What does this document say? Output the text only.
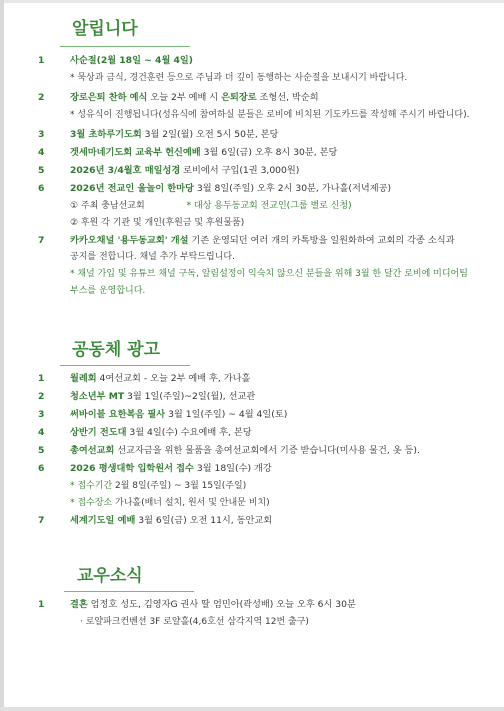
알립니다
1	사순절(2월 18일 ~ 4월 4일)
* 묵상과 금식, 경건훈련 등으로 주님과 더 깊이 동행하는 사순절을 보내시기 바랍니다.
2	장로은퇴 찬하 예식 오늘 2부 예배 시 은퇴장로 조형선, 박순희
* 성유식이 진행됩니다(성유식에 참여하실 분들은 로비에 비치된 기도카드를 작성해 주시기 바랍니다).
3	3월 초하루기도회 3월 2일(월) 오전 5시 50분, 본당
4	겟세마네기도회 교육부 헌신예배 3월 6일(금) 오후 8시 30분, 본당
5	2026년 3/4월호 매일성경 로비에서 구입(1권 3,000원)
6	2026년 전교인 울놀이 한마당 3월 8일(주일) 오후 2시 30분, 가나홀(저녁제공)
① 주최 충남선교회	* 대상 용두동교회 전교인(그룹 별로 신청)
② 후원 각 기관 및 개인(후원금 및 후원물품)
7	카카오채널 '용두동교회' 개설 기존 운영되던 여러 개의 카톡방을 일원화하여 교회의 각종 소식과
공지를 전합니다. 채널 추가 부탁드립니다.
* 채널 가입 및 유튜브 채널 구독, 알림설정이 익숙치 않으신 분들을 위해 3월 한 달간 로비에 미디어팀
부스를 운영합니다.
공동체 광고
1	월례회 4여선교회 - 오늘 2부 예배 후, 가나홀
2	청소년부 MT 3월 1일(주일)~2일(월), 선교관
3	써바이블 요한복음 필사 3월 1일(주일) ~ 4월 4일(토)
4	상반기 전도대 3월 4일(수) 수요예배 후, 본당
5	총여선교회 선교자금을 위한 물품을 총여선교회에서 기증 받습니다(미사용 물건, 옷 등).
6	2026 평생대학 입학원서 접수 3월 18일(수) 개강
* 접수기간 2월 8일(주일) ~ 3월 15일(주일)
* 접수장소 가나홀(배너 설치, 원서 및 안내문 비치)
7	세계기도일 예배 3월 6일(금) 오전 11시, 동안교회
교우소식
1	결혼 엄정호 성도, 김영자G 권사 딸 엄민아(곽성배) 오늘 오후 6시 30분
· 로얄파크컨벤션 3F 로얄홀(4,6호선 삼각지역 12번 출구)
